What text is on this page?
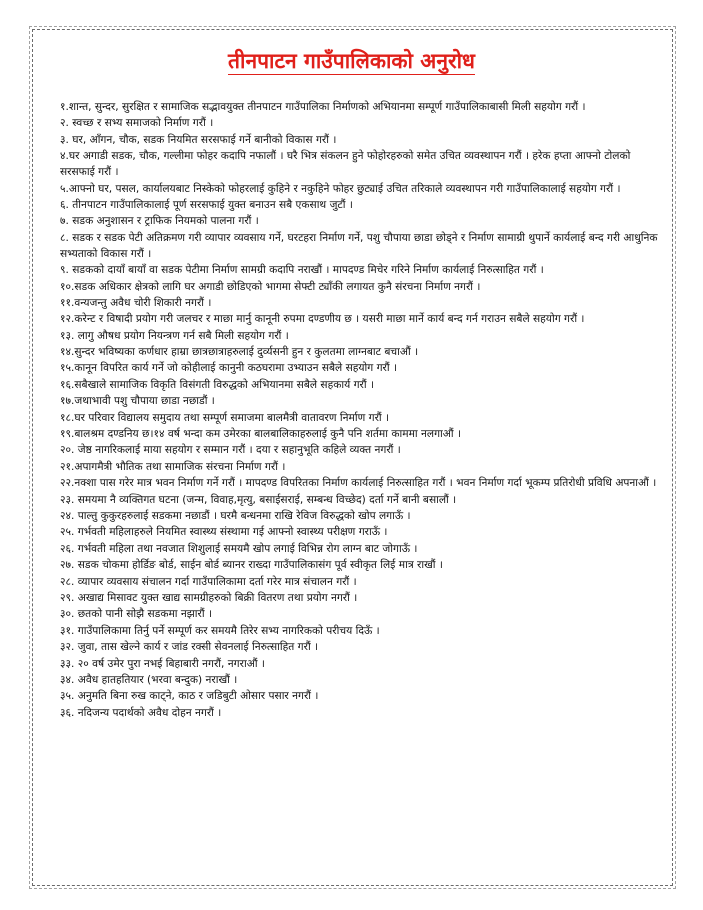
तीनपाटन गाउँपालिकाको अनुरोध
१.शान्त, सुन्दर, सुरक्षित र सामाजिक सद्भावयुक्त तीनपाटन गाउँपालिका निर्माणको अभियानमा सम्पूर्ण गाउँपालिकाबासी मिली सहयोग गरौं ।
२. स्वच्छ र सभ्य समाजको निर्माण गरौं ।
३. घर, आँगन, चौक, सडक नियमित सरसफाई गर्ने बानीको विकास गरौं ।
४.घर अगाडी सडक, चौक, गल्लीमा फोहर कदापि नफालौं । घरै भित्र संकलन हुने फोहोरहरुको समेत उचित व्यवस्थापन गरौं । हरेक हप्ता आफ्नो टोलको सरसफाई गरौं ।
५.आफ्नो घर, पसल, कार्यालयबाट निस्केको फोहरलाई कुहिने र नकुहिने फोहर छुट्याई उचित तरिकाले व्यवस्थापन गरी गाउँपालिकालाई सहयोग गरौं ।
६. तीनपाटन गाउँपालिकालाई पूर्ण सरसफाई युक्त बनाउन सबै एकसाथ जुटौं ।
७. सडक अनुशासन र ट्राफिक नियमको पालना गरौं ।
८. सडक र सडक पेटी अतिक्रमण गरी व्यापार व्यवसाय गर्ने, घरटहरा निर्माण गर्ने, पशु चौपाया छाडा छोड्ने र निर्माण सामाग्री थुपार्ने कार्यलाई बन्द गरी आधुनिक सभ्यताको विकास गरौं ।
९. सडकको दायाँ बायाँ वा सडक पेटीमा निर्माण सामग्री कदापि नराखौं । मापदण्ड मिचेर गरिने निर्माण कार्यलाई निरुत्साहित गरौं ।
१०.सडक अधिकार क्षेत्रको लागि घर अगाडी छोडिएको भागमा सेफ्टी ट्याँकी लगायत कुनै संरचना निर्माण नगरौं ।
११.वन्यजन्तु अवैध चोरी शिकारी नगरौं ।
१२.करेन्ट र विषादी प्रयोग गरी जलचर र माछा मार्नु कानूनी रुपमा दण्डणीय छ । यसरी माछा मार्ने कार्य बन्द गर्न गराउन सबैले सहयोग गरौं ।
१३. लागु औषध प्रयोग नियन्त्रण गर्न सबै मिली सहयोग गरौं ।
१४.सुन्दर भविष्यका कर्णधार हाम्रा छात्रछात्राहरुलाई दुर्व्यसनी हुन र कुलतमा लाग्नबाट बचाऔं ।
१५.कानून विपरित कार्य गर्ने जो कोहीलाई कानुनी कठघरामा उभ्याउन सबैले सहयोग गरौं ।
१६.सबैखाले सामाजिक विकृति विसंगती विरुद्धको अभियानमा सबैले सहकार्य गरौं ।
१७.जथाभावी पशु चौपाया छाडा नछाडौं ।
१८.घर परिवार विद्यालय समुदाय तथा सम्पूर्ण समाजमा बालमैत्री वातावरण निर्माण गरौं ।
१९.बालश्रम दण्डनिय छ।१४ वर्ष भन्दा कम उमेरका बालबालिकाहरुलाई कुनै पनि शर्तमा काममा नलगाऔं ।
२०. जेष्ठ नागरिकलाई माया सहयोग र सम्मान गरौं । दया र सहानुभूति कहिले व्यक्त नगरौं ।
२१.अपागमैत्री भौतिक तथा सामाजिक संरचना निर्माण गरौं ।
२२.नक्शा पास गरेर मात्र भवन निर्माण गर्ने गरौं । मापदण्ड विपरितका निर्माण कार्यलाई निरुत्साहित गरौं । भवन निर्माण गर्दा भूकम्प प्रतिरोधी प्रविधि अपनाऔं ।
२३. समयमा नै व्यक्तिगत घटना (जन्म, विवाह,मृत्यु, बसाईसराई, सम्बन्ध विच्छेद) दर्ता गर्ने बानी बसालौं ।
२४. पाल्तु कुकुरहरुलाई सडकमा नछाडौं । घरमै बन्धनमा राखि रेविज विरुद्धको खोप लगाऊँ ।
२५. गर्भवती महिलाहरुले नियमित स्वास्थ्य संस्थामा गई आफ्नो स्वास्थ्य परीक्षण गराऊँ ।
२६. गर्भवती महिला तथा नवजात शिशुलाई समयमै खोप लगाई विभिन्न रोग लाग्न बाट जोगाऊँ ।
२७. सडक चोकमा होर्डिङ बोर्ड, साईन बोर्ड ब्यानर राख्दा गाउँपालिकासंग पूर्व स्वीकृत लिई मात्र राखौं ।
२८. व्यापार व्यवसाय संचालन गर्दा गाउँपालिकामा दर्ता गरेर मात्र संचालन गरौं ।
२९. अखाद्य मिसावट युक्त खाद्य सामग्रीहरुको बिक्री वितरण तथा प्रयोग नगरौं ।
३०. छतको पानी सोझै सडकमा नझारौं ।
३१. गाउँपालिकामा तिर्नु पर्ने सम्पूर्ण कर समयमै तिरेर सभ्य नागरिकको परीचय दिऊँ ।
३२. जुवा, तास खेल्ने कार्य र जांड रक्सी सेवनलाई निरुत्साहित गरौं ।
३३. २० वर्ष उमेर पुरा नभई बिहाबारी नगरौं, नगराऔं ।
३४. अवैध हातहतियार (भरवा बन्दुक) नराखौं ।
३५. अनुमति बिना रुख काट्ने, काठ र जडिबुटी ओसार पसार नगरौं ।
३६. नदिजन्य पदार्थको अवैध दोहन नगरौं ।
